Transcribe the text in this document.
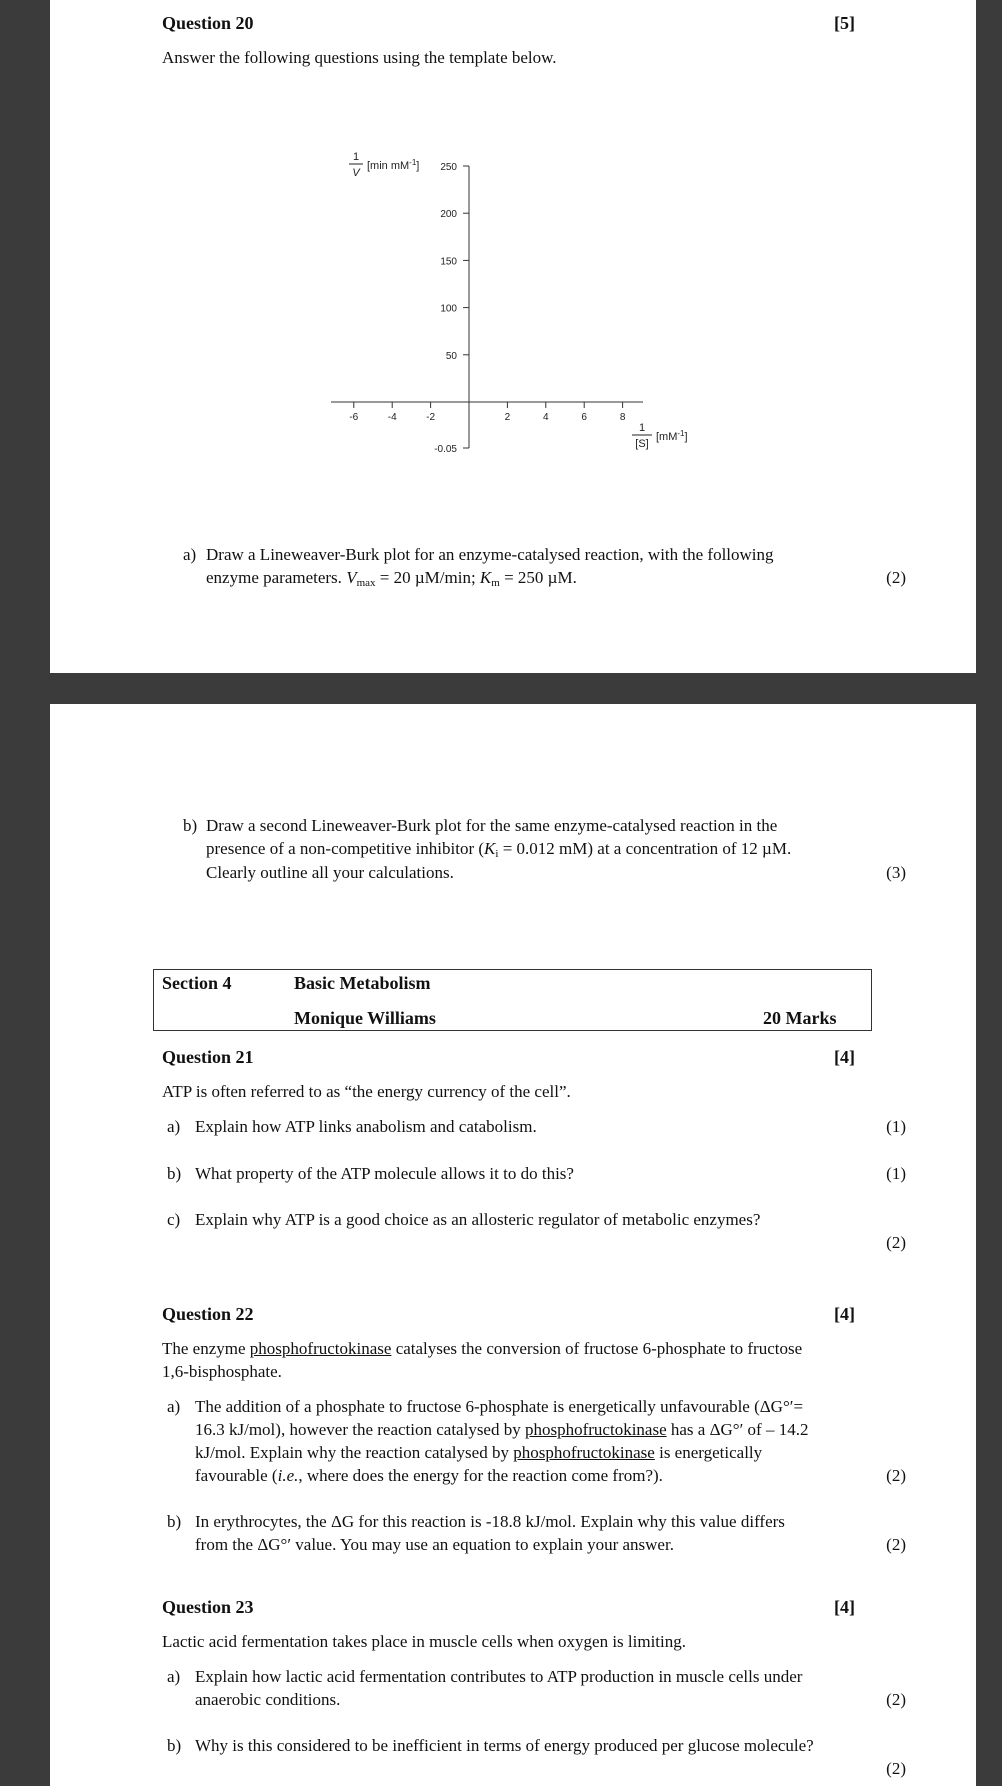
Question 20	[5]
Answer the following questions using the template below.
-6	-4	-2	2	4	6	8
50
100
150
200
250
-0.05
1
V
[min $mM^{-1}$]
1
[S]
$[mM^{-1}]$
a) Draw a Lineweaver-Burk plot for an enzyme-catalysed reaction, with the following
enzyme parameters. $V_{max} = 20$ µM/min; $K_m = 250$ µM.	(2)
b) Draw a second Lineweaver-Burk plot for the same enzyme-catalysed reaction in the
presence of a non-competitive inhibitor ($K_i = 0.012$ mM) at a concentration of 12 µM.
Clearly outline all your calculations.	(3)
Section 4	Basic Metabolism
Monique Williams	20 Marks
Question 21	[4]
ATP is often referred to as “the energy currency of the cell”.
a) Explain how ATP links anabolism and catabolism.	(1)
b) What property of the ATP molecule allows it to do this?	(1)
c) Explain why ATP is a good choice as an allosteric regulator of metabolic enzymes?
(2)
Question 22	[4]
The enzyme phosphofructokinase catalyses the conversion of fructose 6-phosphate to fructose
1,6-bisphosphate.
a) The addition of a phosphate to fructose 6-phosphate is energetically unfavourable (ΔG°′=
16.3 kJ/mol), however the reaction catalysed by phosphofructokinase has a ΔG°′ of – 14.2
kJ/mol. Explain why the reaction catalysed by phosphofructokinase is energetically
favourable (i.e., where does the energy for the reaction come from?).	(2)
b) In erythrocytes, the ΔG for this reaction is -18.8 kJ/mol. Explain why this value differs
from the ΔG°′ value. You may use an equation to explain your answer.	(2)
Question 23	[4]
Lactic acid fermentation takes place in muscle cells when oxygen is limiting.
a) Explain how lactic acid fermentation contributes to ATP production in muscle cells under
anaerobic conditions.	(2)
b) Why is this considered to be inefficient in terms of energy produced per glucose molecule?
(2)
